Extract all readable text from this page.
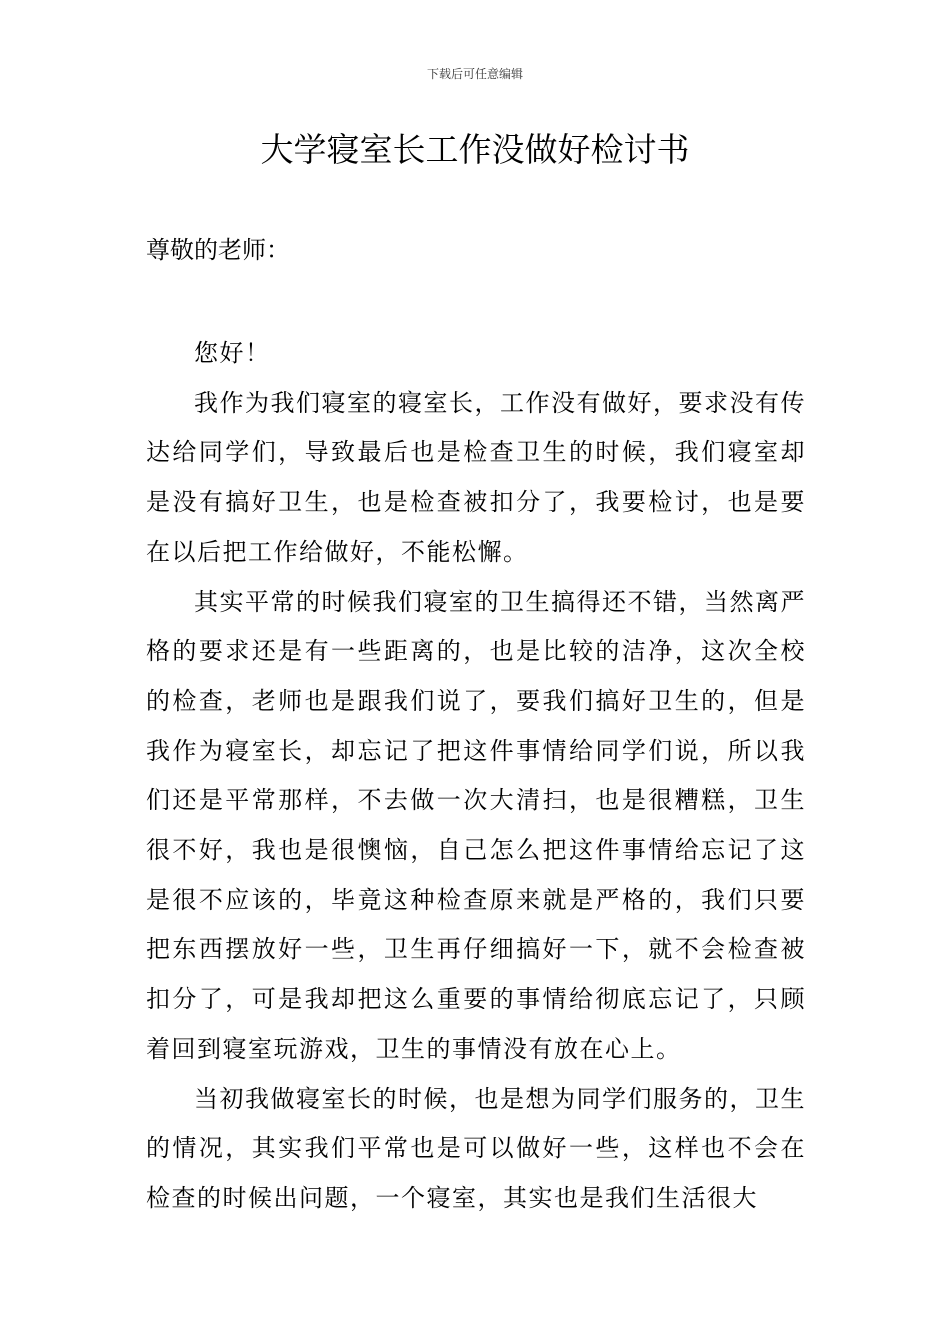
下载后可任意编辑
大学寝室长工作没做好检讨书
尊敬的老师：

您好！

我作为我们寝室的寝室长，工作没有做好，要求没有传达给同学们，导致最后也是检查卫生的时候，我们寝室却是没有搞好卫生，也是检查被扣分了，我要检讨，也是要在以后把工作给做好，不能松懈。

其实平常的时候我们寝室的卫生搞得还不错，当然离严格的要求还是有一些距离的，也是比较的洁净，这次全校的检查，老师也是跟我们说了，要我们搞好卫生的，但是我作为寝室长，却忘记了把这件事情给同学们说，所以我们还是平常那样，不去做一次大清扫，也是很糟糕，卫生很不好，我也是很懊恼，自己怎么把这件事情给忘记了这是很不应该的，毕竟这种检查原来就是严格的，我们只要把东西摆放好一些，卫生再仔细搞好一下，就不会检查被扣分了，可是我却把这么重要的事情给彻底忘记了，只顾着回到寝室玩游戏，卫生的事情没有放在心上。

当初我做寝室长的时候，也是想为同学们服务的，卫生的情况，其实我们平常也是可以做好一些，这样也不会在检查的时候出问题，一个寝室，其实也是我们生活很大
